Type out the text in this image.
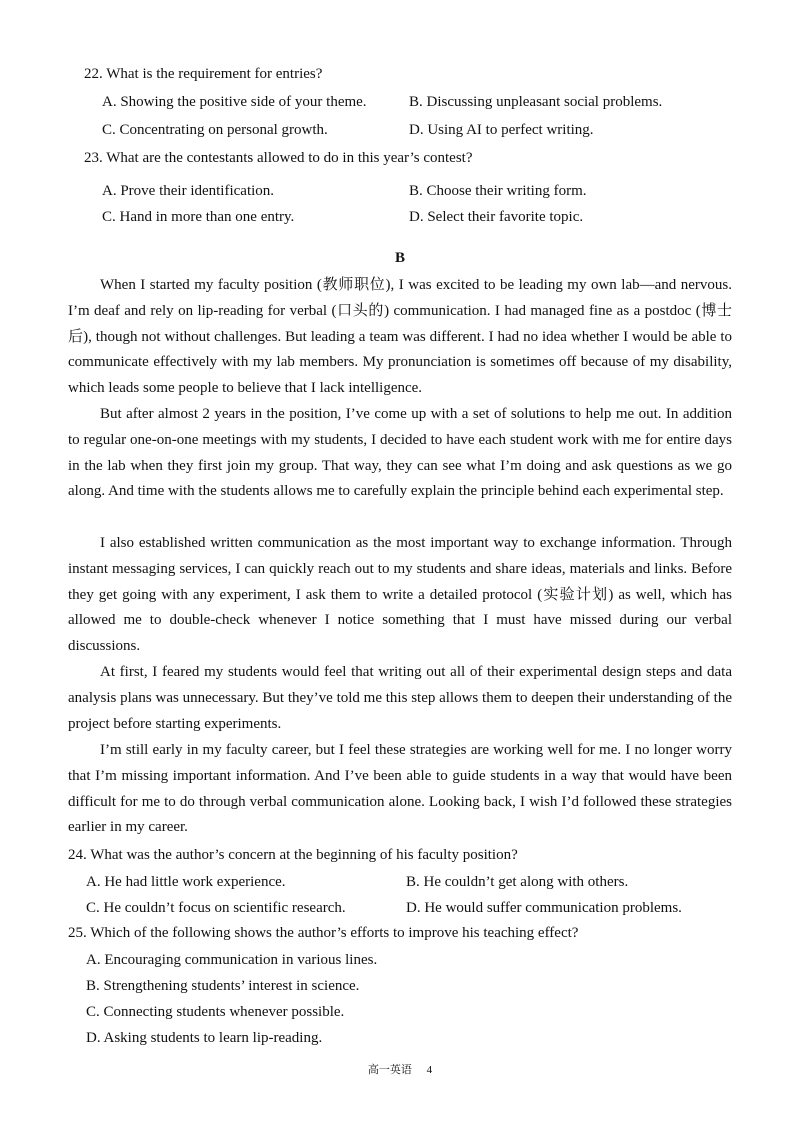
22. What is the requirement for entries?
A. Showing the positive side of your theme.	B. Discussing unpleasant social problems.
C. Concentrating on personal growth.	D. Using AI to perfect writing.
23. What are the contestants allowed to do in this year’s contest?
A. Prove their identification.	B. Choose their writing form.
C. Hand in more than one entry.	D. Select their favorite topic.
B
When I started my faculty position (教师职位), I was excited to be leading my own lab—and nervous. I’m deaf and rely on lip-reading for verbal (口头的) communication. I had managed fine as a postdoc (博士后), though not without challenges. But leading a team was different. I had no idea whether I would be able to communicate effectively with my lab members. My pronunciation is sometimes off because of my disability, which leads some people to believe that I lack intelligence.
But after almost 2 years in the position, I’ve come up with a set of solutions to help me out. In addition to regular one-on-one meetings with my students, I decided to have each student work with me for entire days in the lab when they first join my group. That way, they can see what I’m doing and ask questions as we go along. And time with the students allows me to carefully explain the principle behind each experimental step.
I also established written communication as the most important way to exchange information. Through instant messaging services, I can quickly reach out to my students and share ideas, materials and links. Before they get going with any experiment, I ask them to write a detailed protocol (实验计划) as well, which has allowed me to double-check whenever I notice something that I must have missed during our verbal discussions.
At first, I feared my students would feel that writing out all of their experimental design steps and data analysis plans was unnecessary. But they’ve told me this step allows them to deepen their understanding of the project before starting experiments.
I’m still early in my faculty career, but I feel these strategies are working well for me. I no longer worry that I’m missing important information. And I’ve been able to guide students in a way that would have been difficult for me to do through verbal communication alone. Looking back, I wish I’d followed these strategies earlier in my career.
24. What was the author’s concern at the beginning of his faculty position?
A. He had little work experience.	B. He couldn’t get along with others.
C. He couldn’t focus on scientific research.	D. He would suffer communication problems.
25. Which of the following shows the author’s efforts to improve his teaching effect?
A. Encouraging communication in various lines.
B. Strengthening students’ interest in science.
C. Connecting students whenever possible.
D. Asking students to learn lip-reading.
高一英语 4
